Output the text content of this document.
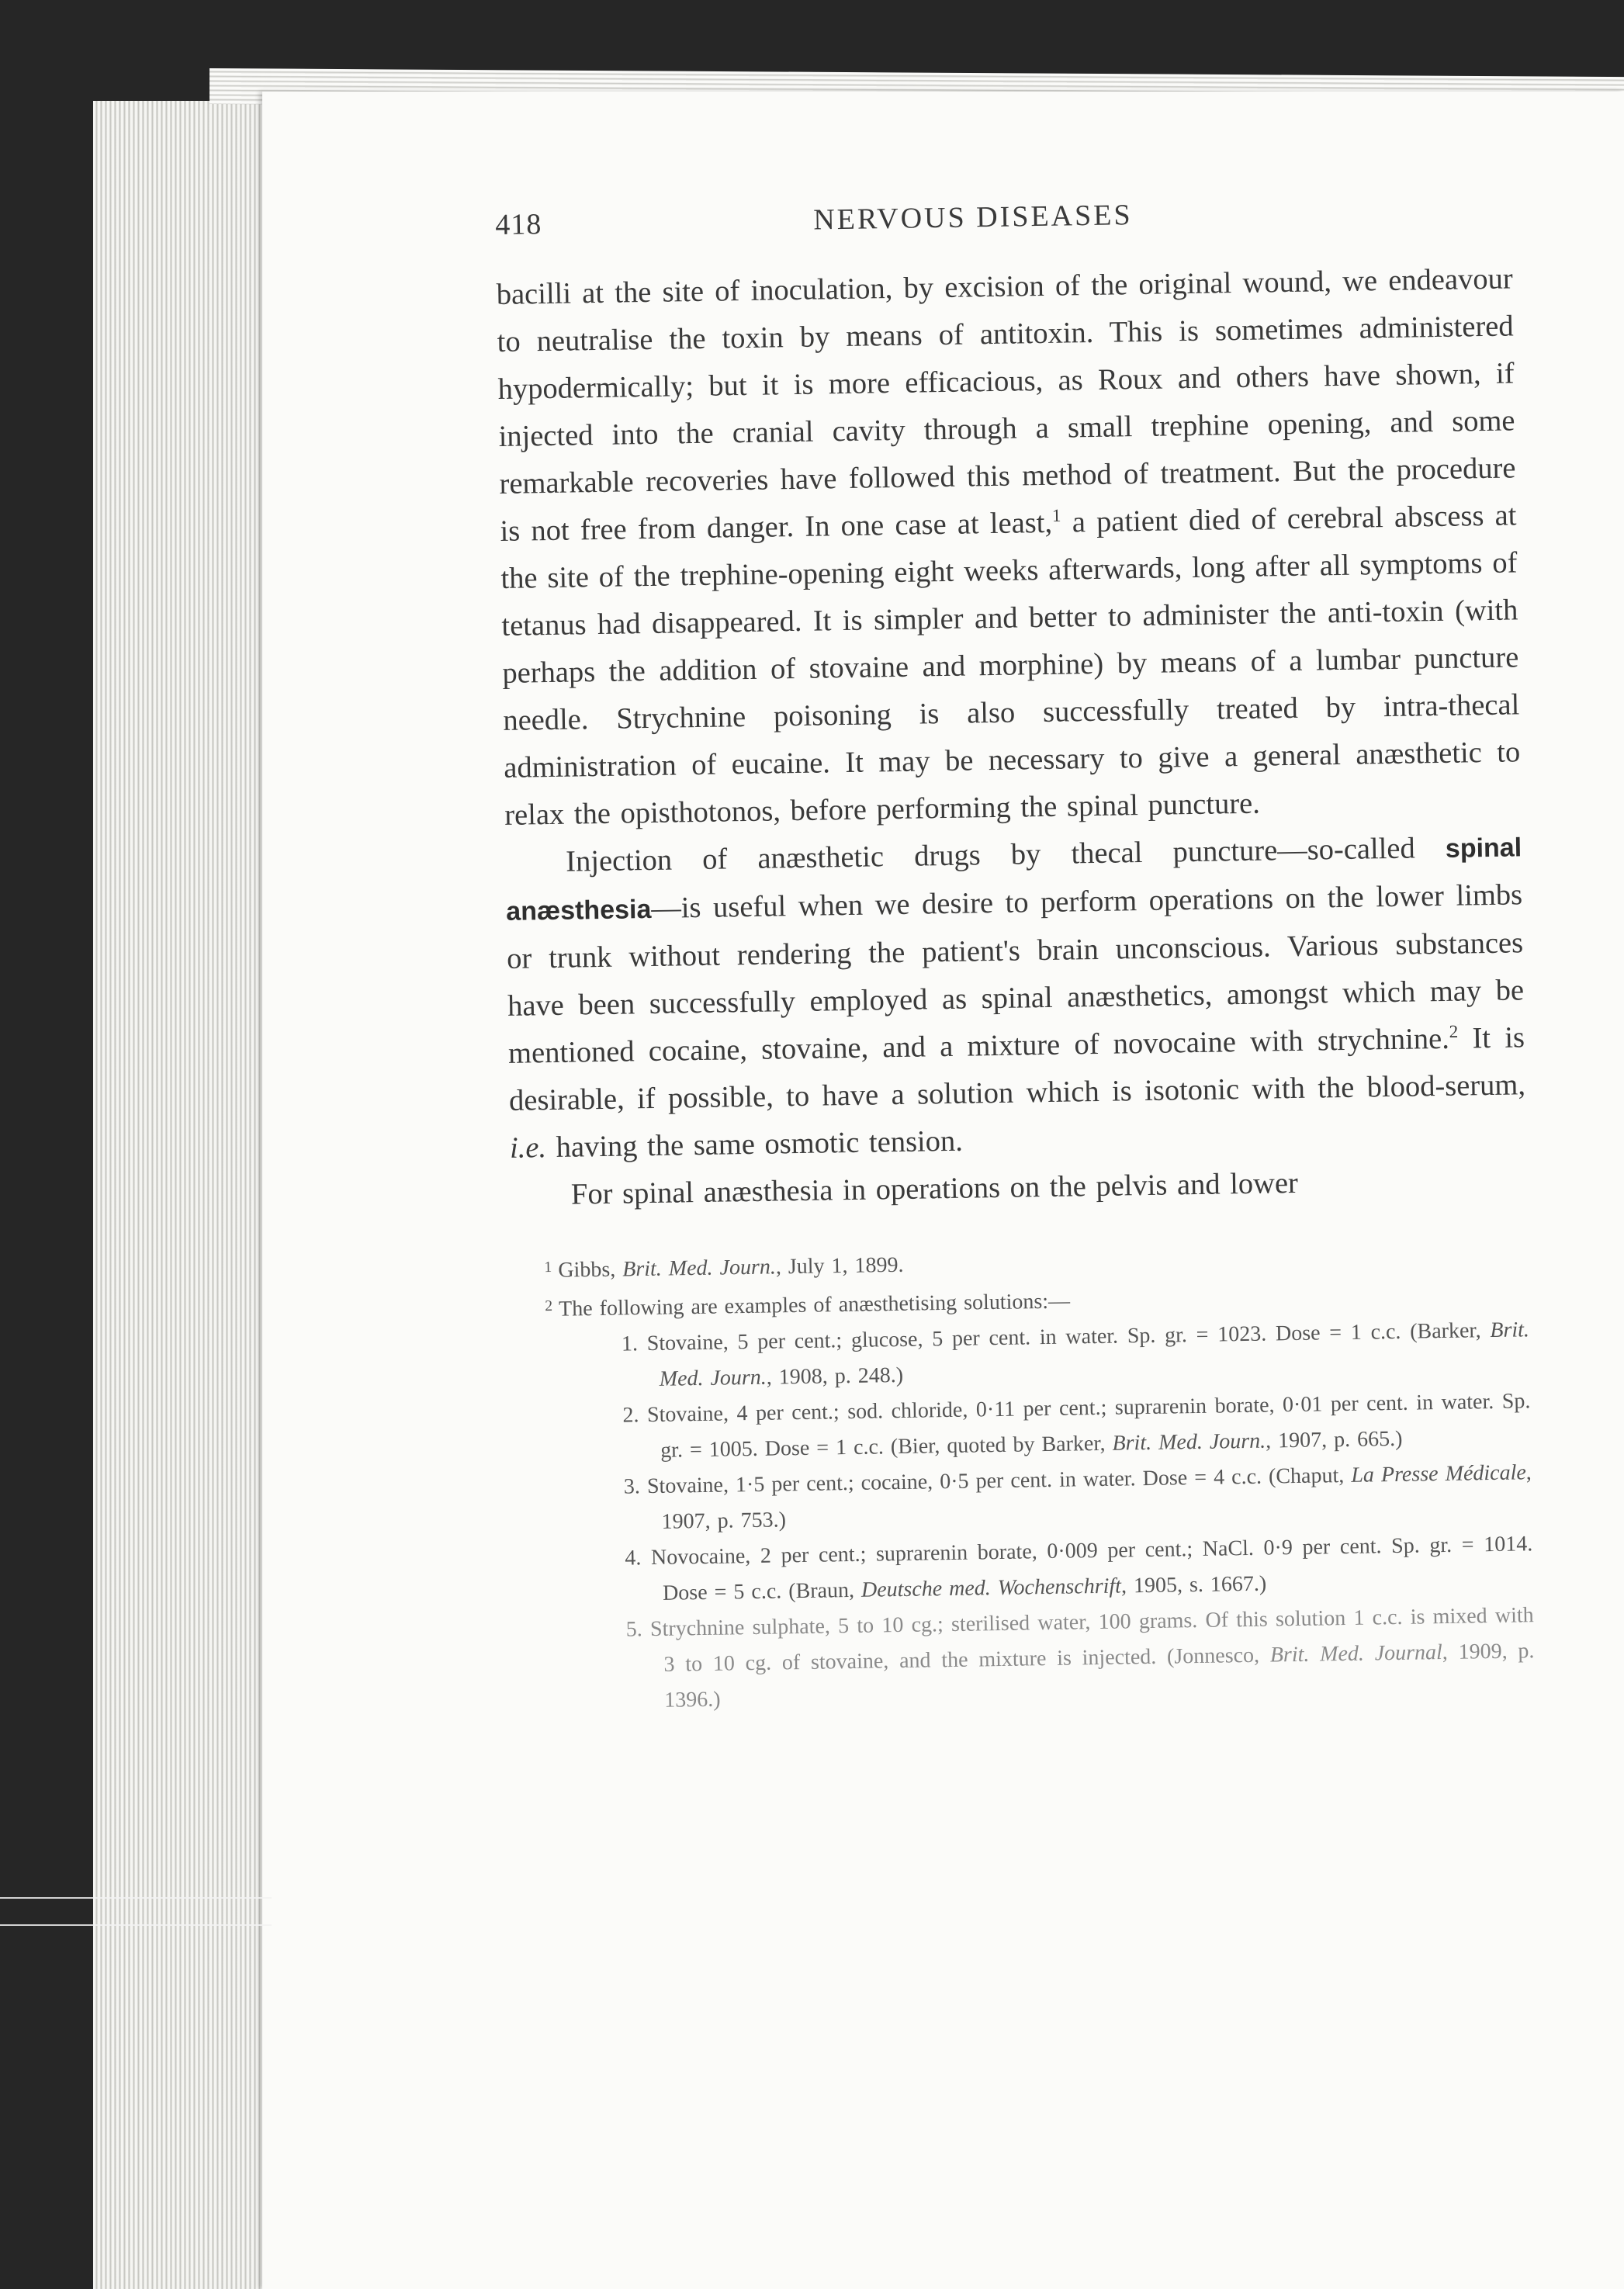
418	NERVOUS DISEASES

bacilli at the site of inoculation, by excision of the original wound, we endeavour to neutralise the toxin by means of antitoxin. This is sometimes administered hypodermically; but it is more efficacious, as Roux and others have shown, if injected into the cranial cavity through a small trephine opening, and some remarkable recoveries have followed this method of treatment. But the procedure is not free from danger. In one case at least,$^1$ a patient died of cerebral abscess at the site of the trephine-opening eight weeks afterwards, long after all symptoms of tetanus had disappeared. It is simpler and better to administer the anti-toxin (with perhaps the addition of stovaine and morphine) by means of a lumbar puncture needle. Strychnine poisoning is also successfully treated by intra-thecal administration of eucaine. It may be necessary to give a general anæsthetic to relax the opisthotonos, before performing the spinal puncture.

Injection of anæsthetic drugs by thecal puncture—so-called spinal anæsthesia—is useful when we desire to perform operations on the lower limbs or trunk without rendering the patient's brain unconscious. Various substances have been successfully employed as spinal anæsthetics, amongst which may be mentioned cocaine, stovaine, and a mixture of novocaine with strychnine.$^2$ It is desirable, if possible, to have a solution which is isotonic with the blood-serum, i.e. having the same osmotic tension.

For spinal anæsthesia in operations on the pelvis and lower

$^1$ Gibbs, Brit. Med. Journ., July 1, 1899.

$^2$ The following are examples of anæsthetising solutions:—

1. Stovaine, 5 per cent.; glucose, 5 per cent. in water. Sp. gr. = 1023. Dose = 1 c.c. (Barker, Brit. Med. Journ., 1908, p. 248.)

2. Stovaine, 4 per cent.; sod. chloride, 0·11 per cent.; suprarenin borate, 0·01 per cent. in water. Sp. gr. = 1005. Dose = 1 c.c. (Bier, quoted by Barker, Brit. Med. Journ., 1907, p. 665.)

3. Stovaine, 1·5 per cent.; cocaine, 0·5 per cent. in water. Dose = 4 c.c. (Chaput, La Presse Médicale, 1907, p. 753.)

4. Novocaine, 2 per cent.; suprarenin borate, 0·009 per cent.; NaCl. 0·9 per cent. Sp. gr. = 1014. Dose = 5 c.c. (Braun, Deutsche med. Wochenschrift, 1905, s. 1667.)

5. Strychnine sulphate, 5 to 10 cg.; sterilised water, 100 grams. Of this solution 1 c.c. is mixed with 3 to 10 cg. of stovaine, and the mixture is injected. (Jonnesco, Brit. Med. Journal, 1909, p. 1396.)
